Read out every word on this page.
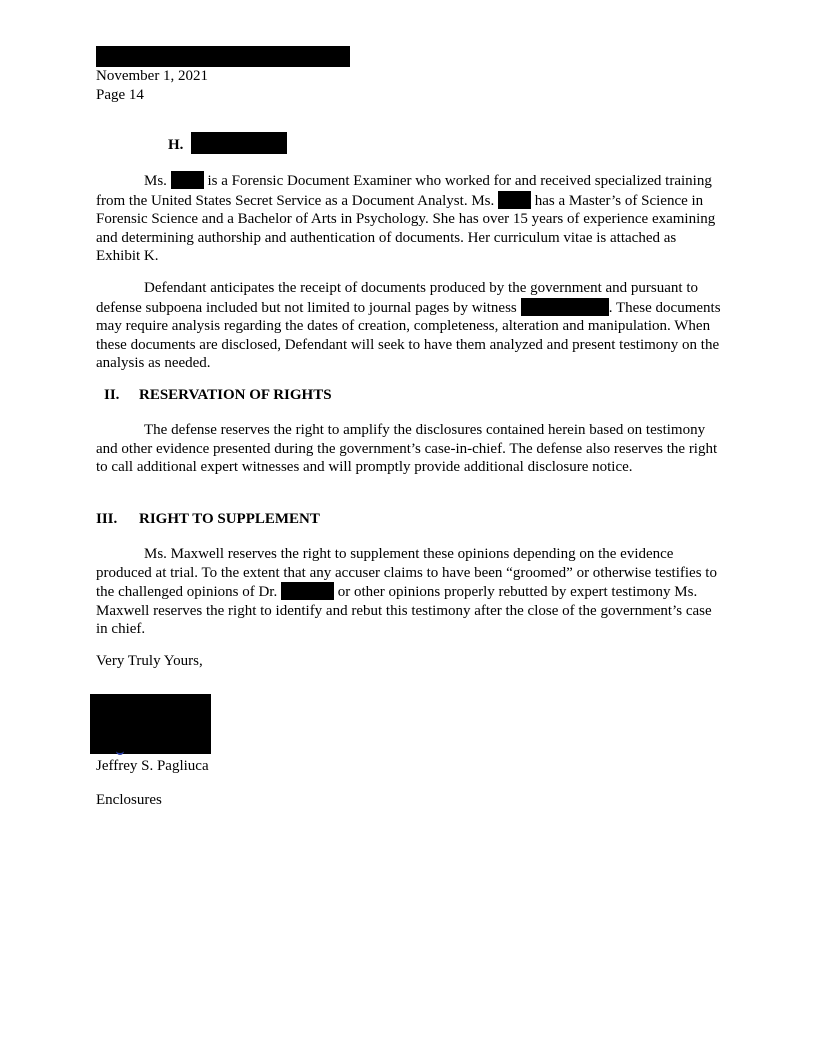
November 1, 2021
Page 14
H.

Ms.	is a Forensic Document Examiner who worked for and received specialized training from the United States Secret Service as a Document Analyst. Ms.	has a Master’s of Science in Forensic Science and a Bachelor of Arts in Psychology. She has over 15 years of experience examining and determining authorship and authentication of documents. Her curriculum vitae is attached as Exhibit K.

Defendant anticipates the receipt of documents produced by the government and pursuant to defense subpoena included but not limited to journal pages by witness	. These documents may require analysis regarding the dates of creation, completeness, alteration and manipulation. When these documents are disclosed, Defendant will seek to have them analyzed and present testimony on the analysis as needed.

II. RESERVATION OF RIGHTS

The defense reserves the right to amplify the disclosures contained herein based on testimony and other evidence presented during the government’s case-in-chief. The defense also reserves the right to call additional expert witnesses and will promptly provide additional disclosure notice.

III. RIGHT TO SUPPLEMENT

Ms. Maxwell reserves the right to supplement these opinions depending on the evidence produced at trial. To the extent that any accuser claims to have been “groomed” or otherwise testifies to the challenged opinions of Dr.	or other opinions properly rebutted by expert testimony Ms. Maxwell reserves the right to identify and rebut this testimony after the close of the government’s case in chief.

Very Truly Yours,
Jeffrey S. Pagliuca
Enclosures
